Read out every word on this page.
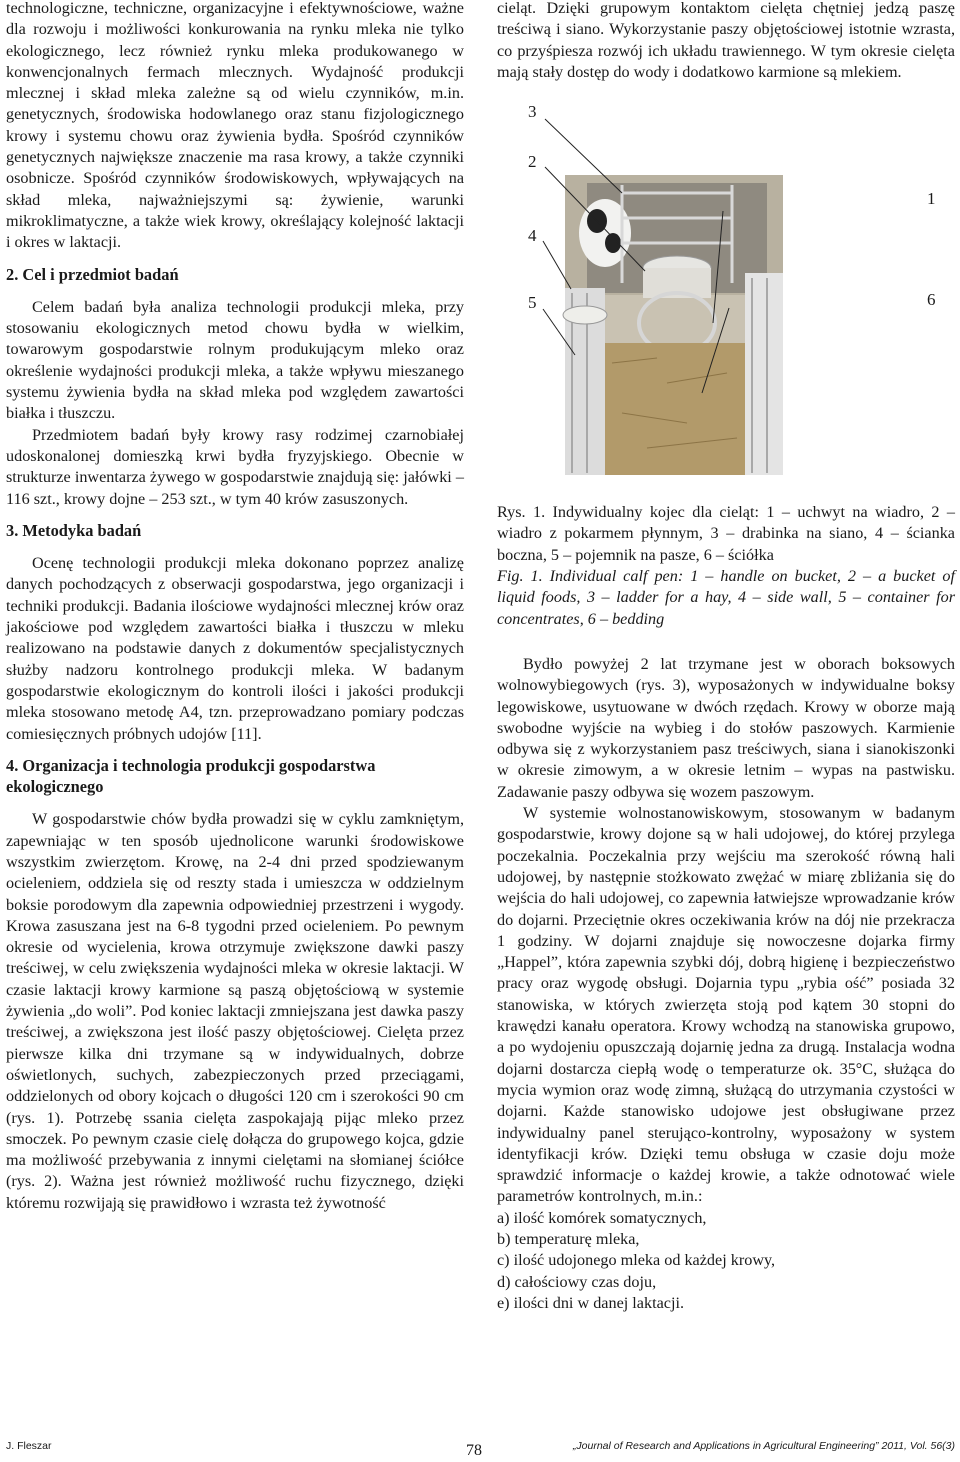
technologiczne, techniczne, organizacyjne i efektywnościowe, ważne dla rozwoju i możliwości konkurowania na rynku mleka nie tylko ekologicznego, lecz również rynku mleka produkowanego w konwencjonalnych fermach mlecznych. Wydajność produkcji mlecznej i skład mleka zależne są od wielu czynników, m.in. genetycznych, środowiska hodowlanego oraz stanu fizjologicznego krowy i systemu chowu oraz żywienia bydła. Spośród czynników genetycznych największe znaczenie ma rasa krowy, a także czynniki osobnicze. Spośród czynników środowiskowych, wpływających na skład mleka, najważniejszymi są: żywienie, warunki mikroklimatyczne, a także wiek krowy, określający kolejność laktacji i okres w laktacji.

2. Cel i przedmiot badań

Celem badań była analiza technologii produkcji mleka, przy stosowaniu ekologicznych metod chowu bydła w wielkim, towarowym gospodarstwie rolnym produkującym mleko oraz określenie wydajności produkcji mleka, a także wpływu mieszanego systemu żywienia bydła na skład mleka pod względem zawartości białka i tłuszczu.

Przedmiotem badań były krowy rasy rodzimej czarnobiałej udoskonalonej domieszką krwi bydła fryzyjskiego. Obecnie w strukturze inwentarza żywego w gospodarstwie znajdują się: jałówki – 116 szt., krowy dojne – 253 szt., w tym 40 krów zasuszonych.

3. Metodyka badań

Ocenę technologii produkcji mleka dokonano poprzez analizę danych pochodzących z obserwacji gospodarstwa, jego organizacji i techniki produkcji. Badania ilościowe wydajności mlecznej krów oraz jakościowe pod względem zawartości białka i tłuszczu w mleku realizowano na podstawie danych z dokumentów specjalistycznych służby nadzoru kontrolnego produkcji mleka. W badanym gospodarstwie ekologicznym do kontroli ilości i jakości produkcji mleka stosowano metodę A4, tzn. przeprowadzano pomiary podczas comiesięcznych próbnych udojów [11].

4. Organizacja i technologia produkcji gospodarstwa ekologicznego

W gospodarstwie chów bydła prowadzi się w cyklu zamkniętym, zapewniając w ten sposób ujednolicone warunki środowiskowe wszystkim zwierzętom. Krowę, na 2-4 dni przed spodziewanym ocieleniem, oddziela się od reszty stada i umieszcza w oddzielnym boksie porodowym dla zapewnia odpowiedniej przestrzeni i wygody. Krowa zasuszana jest na 6-8 tygodni przed ocieleniem. Po pewnym okresie od wycielenia, krowa otrzymuje zwiększone dawki paszy treściwej, w celu zwiększenia wydajności mleka w okresie laktacji. W czasie laktacji krowy karmione są paszą objętościową w systemie żywienia „do woli”. Pod koniec laktacji zmniejszana jest dawka paszy treściwej, a zwiększona jest ilość paszy objętościowej. Cielęta przez pierwsze kilka dni trzymane są w indywidualnych, dobrze oświetlonych, suchych, zabezpieczonych przed przeciągami, oddzielonych od obory kojcach o długości 120 cm i szerokości 90 cm (rys. 1). Potrzebę ssania cielęta zaspokajają pijąc mleko przez smoczek. Po pewnym czasie cielę dołącza do grupowego kojca, gdzie ma możliwość przebywania z innymi cielętami na słomianej ściółce (rys. 2). Ważna jest również możliwość ruchu fizycznego, dzięki któremu rozwijają się prawidłowo i wzrasta też żywotność

cieląt. Dzięki grupowym kontaktom cielęta chętniej jedzą paszę treściwą i siano. Wykorzystanie paszy objętościowej istotnie wzrasta, co przyśpiesza rozwój ich układu trawiennego. W tym okresie cielęta mają stały dostęp do wody i dodatkowo karmione są mlekiem.

3
2
4
5
1
6

Rys. 1. Indywidualny kojec dla cieląt: 1 – uchwyt na wiadro, 2 – wiadro z pokarmem płynnym, 3 – drabinka na siano, 4 – ścianka boczna, 5 – pojemnik na pasze, 6 – ściółka

Fig. 1. Individual calf pen: 1 – handle on bucket, 2 – a bucket of liquid foods, 3 – ladder for a hay, 4 – side wall, 5 – container for concentrates, 6 – bedding

Bydło powyżej 2 lat trzymane jest w oborach boksowych wolnowybiegowych (rys. 3), wyposażonych w indywidualne boksy legowiskowe, usytuowane w dwóch rzędach. Krowy w oborze mają swobodne wyjście na wybieg i do stołów paszowych. Karmienie odbywa się z wykorzystaniem pasz treściwych, siana i sianokiszonki w okresie zimowym, a w okresie letnim – wypas na pastwisku. Zadawanie paszy odbywa się wozem paszowym.

W systemie wolnostanowiskowym, stosowanym w badanym gospodarstwie, krowy dojone są w hali udojowej, do której przylega poczekalnia. Poczekalnia przy wejściu ma szerokość równą hali udojowej, by następnie stożkowato zwężać w miarę zbliżania się do wejścia do hali udojowej, co zapewnia łatwiejsze wprowadzanie krów do dojarni. Przeciętnie okres oczekiwania krów na dój nie przekracza 1 godziny. W dojarni znajduje się nowoczesne dojarka firmy „Happel”, która zapewnia szybki dój, dobrą higienę i bezpieczeństwo pracy oraz wygodę obsługi. Dojarnia typu „rybia ość” posiada 32 stanowiska, w których zwierzęta stoją pod kątem 30 stopni do krawędzi kanału operatora. Krowy wchodzą na stanowiska grupowo, a po wydojeniu opuszczają dojarnię jedna za drugą. Instalacja wodna dojarni dostarcza ciepłą wodę o temperaturze ok. 35°C, służąca do mycia wymion oraz wodę zimną, służącą do utrzymania czystości w dojarni. Każde stanowisko udojowe jest obsługiwane przez indywidualny panel sterująco-kontrolny, wyposażony w system identyfikacji krów. Dzięki temu obsługa w czasie doju może sprawdzić informacje o każdej krowie, a także odnotować wiele parametrów kontrolnych, m.in.:

a) ilość komórek somatycznych,
b) temperaturę mleka,
c) ilość udojonego mleka od każdej krowy,
d) całościowy czas doju,
e) ilości dni w danej laktacji.
J. Fleszar	78	„Journal of Research and Applications in Agricultural Engineering” 2011, Vol. 56(3)
